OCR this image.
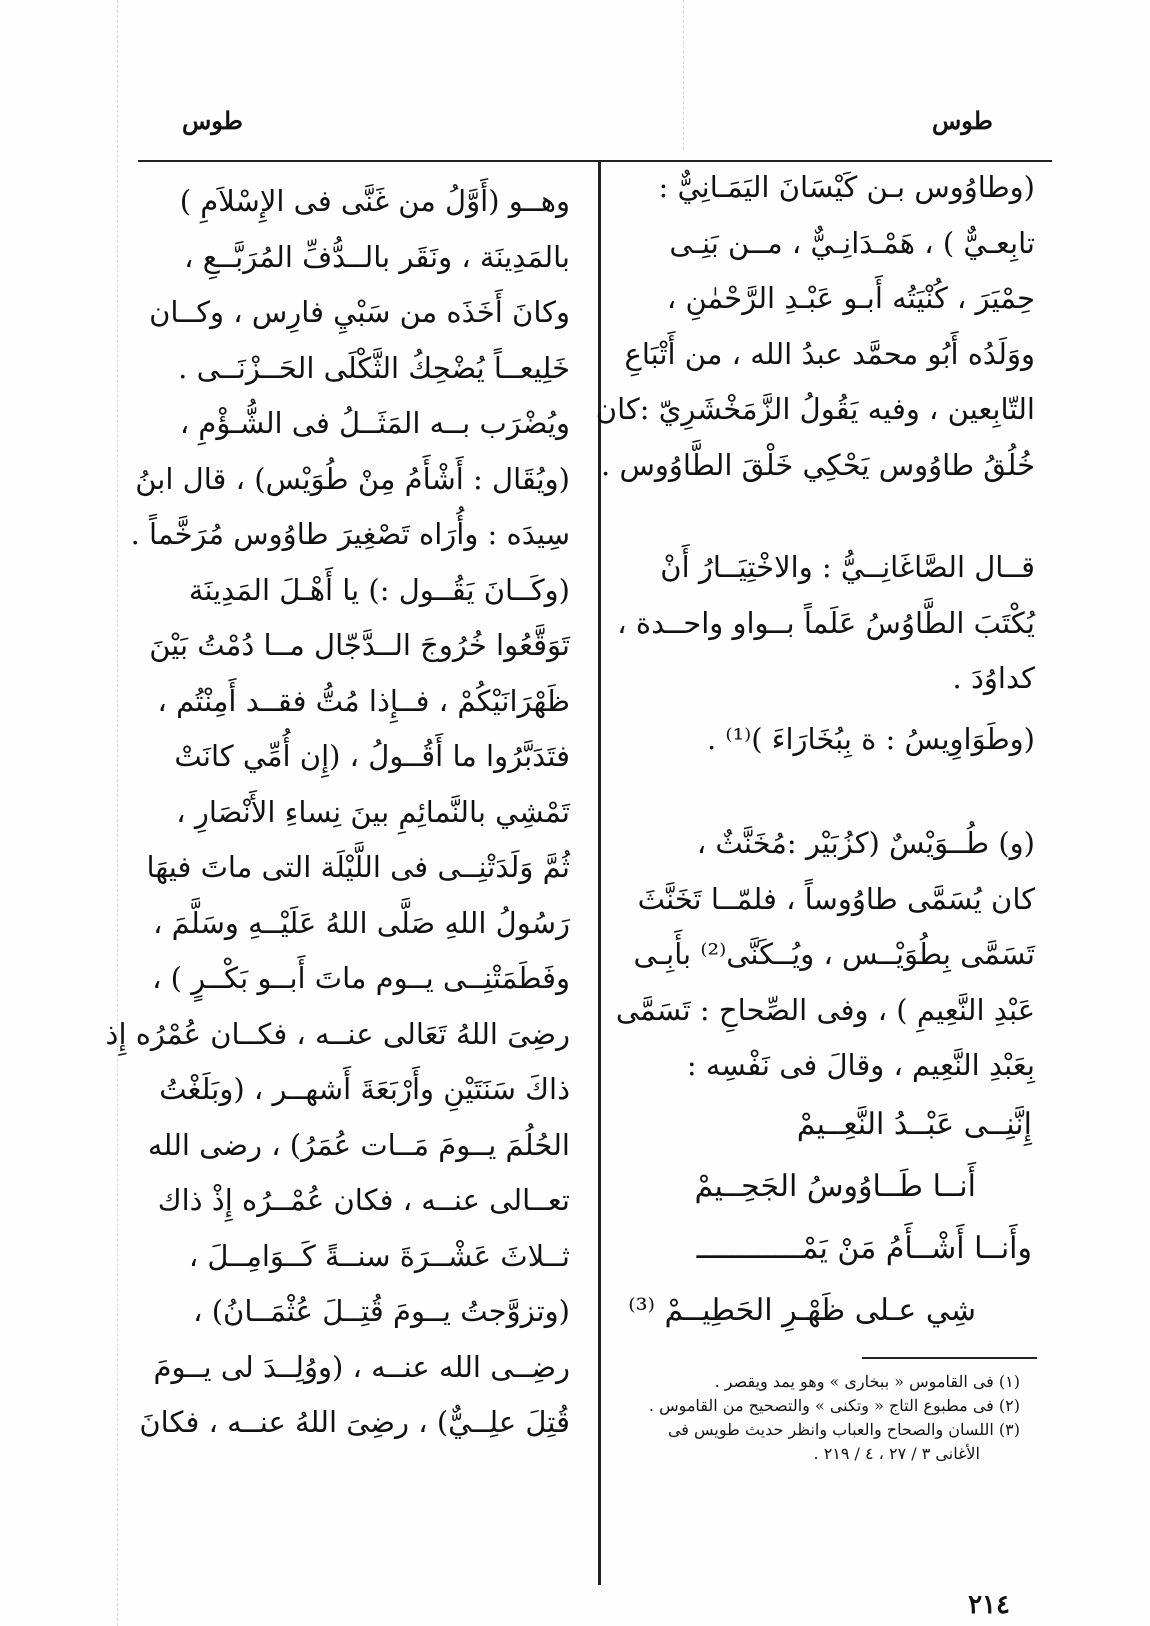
طوس	طوس

(وطاوُوس بـن كَيْسَانَ اليَمَـانِيٌّ :

تابِعـيٌّ ) ، هَمْـدَانِـيٌّ ، مــن بَنِـى

حِمْيَرَ ، كُنْيَتُه أَبـو عَبْـدِ الرَّحْمٰنِ ،

ووَلَدُه أَبُو محمَّد عبدُ الله ، من أَتْبَاعِ

التّابِعين ، وفيه يَقُولُ الزَّمَخْشَرِيّ :كان

خُلُقُ طاوُوس يَحْكِي خَلْقَ الطَّاوُوس .

قــال الصَّاغَانِــيُّ : والاخْتِيَــارُ أَنْ

يُكْتَبَ الطَّاوُسُ عَلَماً بــواو واحــدة ،

كداوُدَ .

(وطَوَاوِيسُ : ة بِبُخَارَاءَ )⁽¹⁾ .

(و) طُــوَيْسٌ (كزُبَيْر :مُخَنَّثٌ ،

كان يُسَمَّى طاوُوساً ، فلمّــا تَخَنَّثَ

تَسَمَّى بِطُوَيْــس ، ويُــكَنَّى⁽²⁾ بأَبِـى

عَبْدِ النَّعِيمِ ) ، وفى الصِّحاحِ : تَسَمَّى

بِعَبْدِ النَّعِيم ، وقالَ فى نَفْسِه :

إِنَّنِــى عَبْــدُ النَّعِــيمْ

أَنــا طَــاوُوسُ الجَحِــيمْ

وأَنــا أَشْــأَمُ مَنْ يَمْــــــــــــ

شِي عـلى ظَهْـرِ الحَطِيــمْ ⁽³⁾

(١) فى القاموس « ببخارى » وهو يمد ويقصر .

(٢) فى مطبوع التاج « وتكنى » والتصحيح من القاموس .

(٣) اللسان والصحاح والعباب وانظر حديث طويس فى

الأغانى ٣ / ٢٧ ، ٤ / ٢١٩ .

وهــو (أَوَّلُ من غَنَّى فى الإِسْلاَمِ )

بالمَدِينَة ، ونَقَر بالــدُّفِّ المُرَبَّــعِ ،

وكانَ أَخَذَه من سَبْيِ فارِس ، وكــان

خَلِيعــاً يُضْحِكُ الثَّكْلَى الحَــزْنَــى .

ويُضْرَب بــه المَثَــلُ فى الشُّـؤْمِ ،

(ويُقَال : أَشْأَمُ مِنْ طُوَيْس) ، قال ابنُ

سِيدَه : وأُرَاه تَصْغِيرَ طاوُوس مُرَخَّماً .

(وكَــانَ يَقُــول :) يا أَهْـلَ المَدِينَة

تَوَقَّعُوا خُرُوجَ الــدَّجّال مــا دُمْتُ بَيْنَ

ظَهْرَانَيْكُمْ ، فــإِذا مُتُّ فقــد أَمِنْتُم ،

فتَدَبَّرُوا ما أَقُــولُ ، (إِن أُمِّي كانَتْ

تَمْشِي بالنَّمائِمِ بينَ نِساءِ الأَنْصَارِ ،

ثُمَّ وَلَدَتْنِــى فى اللَّيْلَة التى ماتَ فيهَا

رَسُولُ اللهِ صَلَّى اللهُ عَلَيْــهِ وسَلَّمَ ،

وفَطَمَتْنِــى يــوم ماتَ أَبــو بَكْــرٍ ) ،

رضِىَ اللهُ تَعَالى عنــه ، فكــان عُمْرُه إِذ

ذاكَ سَنَتَيْنِ وأَرْبَعَةَ أَشهــر ، (وبَلَغْتُ

الحُلُمَ يــومَ مَــات عُمَرُ) ، رضى الله

تعــالى عنــه ، فكان عُمْــرُه إِذْ ذاك

ثــلاثَ عَشْــرَةَ سنــةً كَــوَامِــلَ ،

(وتزوَّجتُ يــومَ قُتِــلَ عُثْمَــانُ) ،

رضِــى الله عنــه ، (ووُلِــدَ لى يــومَ

قُتِلَ علِــيٌّ) ، رضِىَ اللهُ عنــه ، فكانَ

٢١٤
